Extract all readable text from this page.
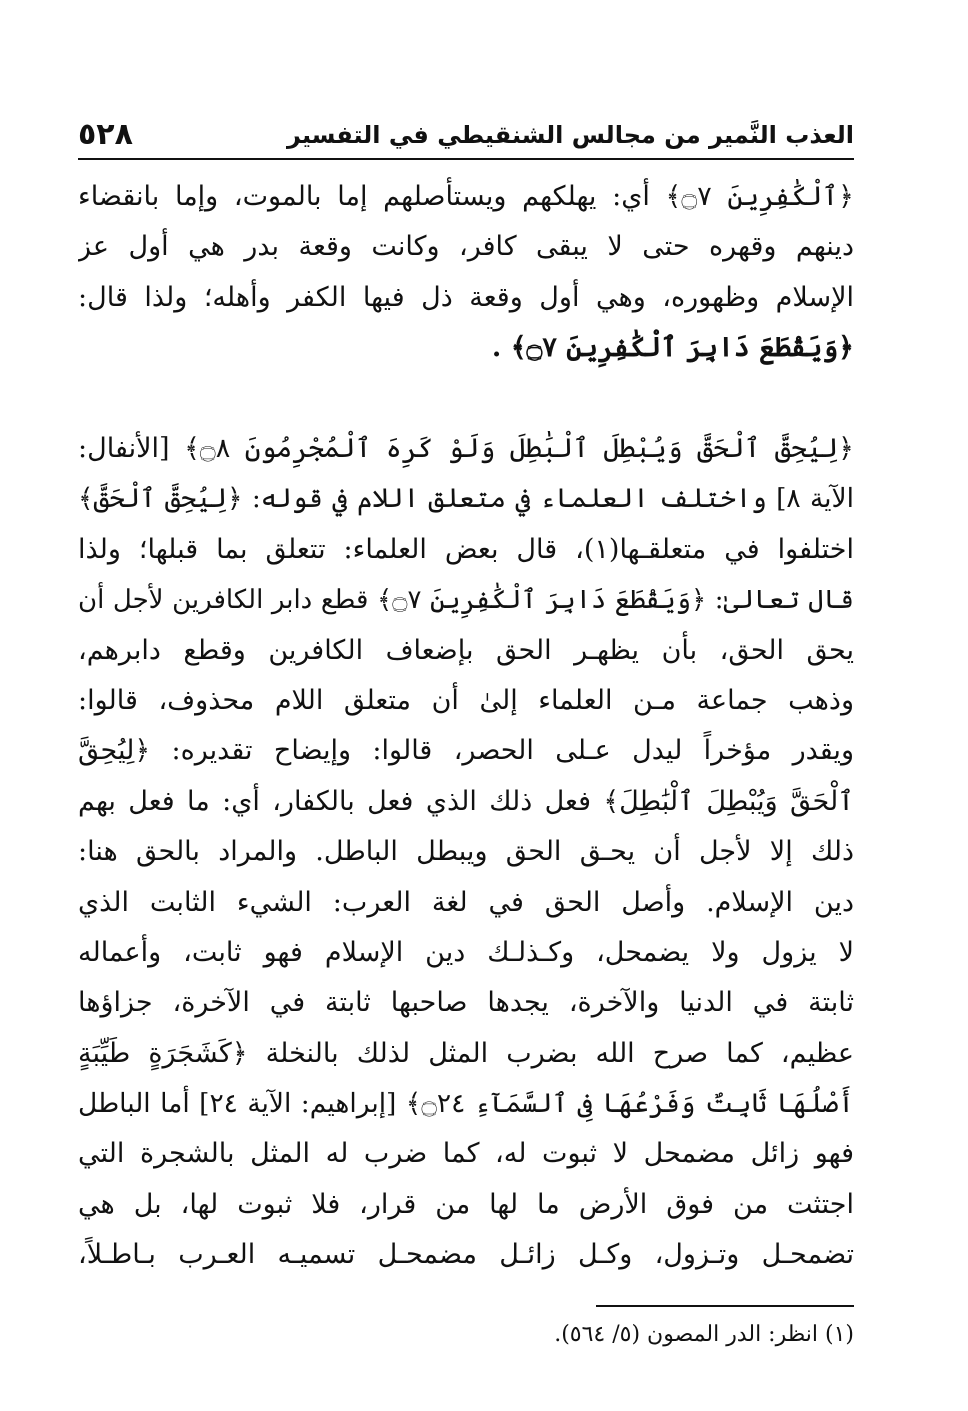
العذب النَّمير من مجالس الشنقيطي في التفسير
٥٢٨
﴿ٱلْكَٰفِرِينَ ۝٧﴾ أي: يهلكهم ويستأصلهم إما بالموت، وإما بانقضاء
دينهم وقهره حتى لا يبقى كافر، وكانت وقعة بدر هي أول عز
الإسلام وظهوره، وهي أول وقعة ذل فيها الكفر وأهله؛ ولذا قال:
﴿وَيَقْطَعَ دَابِرَ ٱلْكَٰفِرِينَ ۝٧﴾ .
﴿لِيُحِقَّ ٱلْحَقَّ وَيُبْطِلَ ٱلْبَٰطِلَ وَلَوْ كَرِهَ ٱلْمُجْرِمُونَ ۝٨﴾ [الأنفال:
الآية ٨] واختلف العلماء في متعلق اللام في قوله: ﴿لِيُحِقَّ ٱلْحَقَّ﴾
اختلفوا في متعلقـها(١)، قال بعض العلماء: تتعلق بما قبلها؛ ولذا
قال تعالىٰ: ﴿وَيَقْطَعَ دَابِرَ ٱلْكَٰفِرِينَ ۝٧﴾ قطع دابر الكافرين لأجل أن
يحق الحق، بأن يظهـر الحق بإضعاف الكافرين وقطع دابرهم،
وذهب جماعة مـن العلماء إلىٰ أن متعلق اللام محذوف، قالوا:
ويقدر مؤخراً ليدل عـلى الحصر، قالوا: وإيضاح تقديره: ﴿لِيُحِقَّ
ٱلْحَقَّ وَيُبْطِلَ ٱلْبَٰطِلَ﴾ فعل ذلك الذي فعل بالكفار، أي: ما فعل بهم
ذلك إلا لأجل أن يحـق الحق ويبطل الباطل. والمراد بالحق هنا:
دين الإسلام. وأصل الحق في لغة العرب: الشيء الثابت الذي
لا يزول ولا يضمحل، وكـذلـك دين الإسلام فهو ثابت، وأعماله
ثابتة في الدنيا والآخرة، يجدها صاحبها ثابتة في الآخرة، جزاؤها
عظيم، كما صرح الله بضرب المثل لذلك بالنخلة ﴿كَشَجَرَةٍ طَيِّبَةٍ
أَصْلُهَا ثَابِتٌ وَفَرْعُهَا فِى ٱلسَّمَآءِ ۝٢٤﴾ [إبراهيم: الآية ٢٤] أما الباطل
فهو زائل مضمحل لا ثبوت له، كما ضرب له المثل بالشجرة التي
اجتثت من فوق الأرض ما لها من قرار، فلا ثبوت لها، بل هي
تضمحـل وتـزول، وكـل زائـل مضمحـل تسميـه العـرب بـاطـلاً،
(١) انظر: الدر المصون (٥/ ٥٦٤).
